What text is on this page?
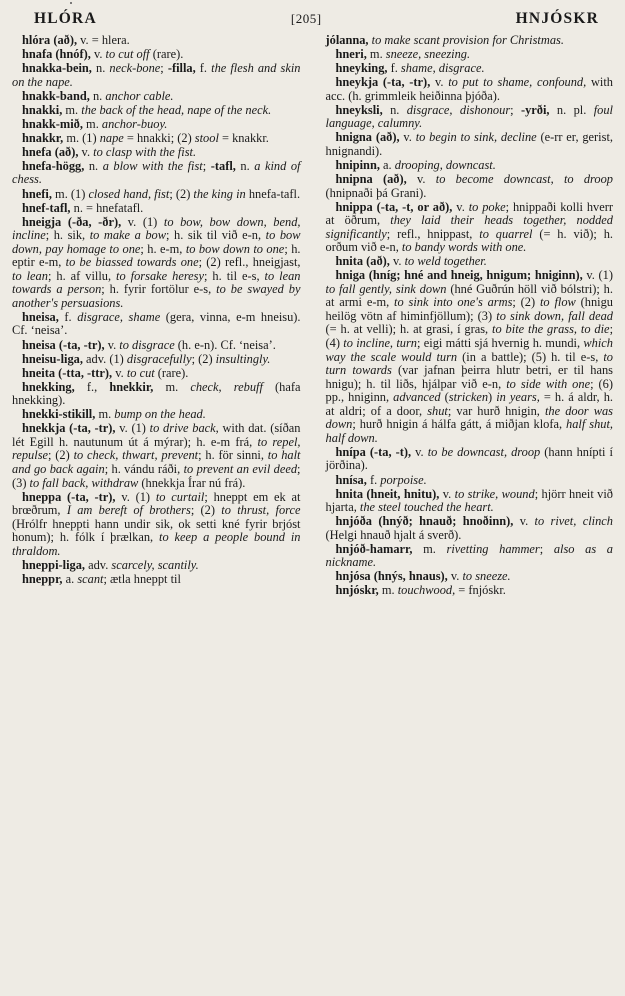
HLÓRA	[205]	HNJÓSKR

hlóra (að), v. = hlera.

hnafa (hnóf), v. to cut off (rare).

hnakka-bein, n. neck-bone; -filla, f. the flesh and skin on the nape.

hnakk-band, n. anchor cable.

hnakki, m. the back of the head, nape of the neck.

hnakk-mið, m. anchor-buoy.

hnakkr, m. (1) nape = hnakki; (2) stool = knakkr.

hnefa (að), v. to clasp with the fist.

hnefa-högg, n. a blow with the fist; -tafl, n. a kind of chess.

hnefi, m. (1) closed hand, fist; (2) the king in hnefa-tafl.

hnef-tafl, n. = hnefatafl.

hneigja (-ða, -ðr), v. (1) to bow, bow down, bend, incline; h. sik, to make a bow; h. sik til við e-n, to bow down, pay homage to one; h. e-m, to bow down to one; h. eptir e-m, to be biassed towards one; (2) refl., hneigjast, to lean; h. af villu, to forsake heresy; h. til e-s, to lean towards a person; h. fyrir fortölur e-s, to be swayed by another's persuasions.

hneisa, f. disgrace, shame (gera, vinna, e-m hneisu). Cf. ‘neisa’.

hneisa (-ta, -tr), v. to disgrace (h. e-n). Cf. ‘neisa’.

hneisu-liga, adv. (1) disgracefully; (2) insultingly.

hneita (-tta, -ttr), v. to cut (rare).

hnekking, f., hnekkir, m. check, rebuff (hafa hnekking).

hnekki-stikill, m. bump on the head.

hnekkja (-ta, -tr), v. (1) to drive back, with dat. (síðan lét Egill h. nautunum út á mýrar); h. e-m frá, to repel, repulse; (2) to check, thwart, prevent; h. för sinni, to halt and go back again; h. vándu ráði, to prevent an evil deed; (3) to fall back, withdraw (hnekkja Írar nú frá).

hneppa (-ta, -tr), v. (1) to curtail; hneppt em ek at brœðrum, I am bereft of brothers; (2) to thrust, force (Hrólfr hneppti hann undir sik, ok setti kné fyrir brjóst honum); h. fólk í þrælkan, to keep a people bound in thraldom.

hneppi-liga, adv. scarcely, scantily.

hneppr, a. scant; ætla hneppt til

jólanna, to make scant provision for Christmas.

hneri, m. sneeze, sneezing.

hneyking, f. shame, disgrace.

hneykja (-ta, -tr), v. to put to shame, confound, with acc. (h. grimmleik heiðinna þjóða).

hneyksli, n. disgrace, dishonour; -yrði, n. pl. foul language, calumny.

hnigna (að), v. to begin to sink, decline (e-rr er, gerist, hnignandi).

hnipinn, a. drooping, downcast.

hnipna (að), v. to become downcast, to droop (hnipnaði þá Grani).

hnippa (-ta, -t, or að), v. to poke; hnippaði kolli hverr at öðrum, they laid their heads together, nodded significantly; refl., hnippast, to quarrel (= h. við); h. orðum við e-n, to bandy words with one.

hnita (að), v. to weld together.

hniga (hníg; hné and hneig, hnigum; hniginn), v. (1) to fall gently, sink down (hné Guðrún höll við bólstri); h. at armi e-m, to sink into one's arms; (2) to flow (hnigu heilög vötn af himinfjöllum); (3) to sink down, fall dead (= h. at velli); h. at grasi, í gras, to bite the grass, to die; (4) to incline, turn; eigi mátti sjá hvernig h. mundi, which way the scale would turn (in a battle); (5) h. til e-s, to turn towards (var jafnan þeirra hlutr betri, er til hans hnigu); h. til liðs, hjálpar við e-n, to side with one; (6) pp., hniginn, advanced (stricken) in years, = h. á aldr, h. at aldri; of a door, shut; var hurð hnigin, the door was down; hurð hnigin á hálfa gátt, á miðjan klofa, half shut, half down.

hnípa (-ta, -t), v. to be downcast, droop (hann hnípti í jörðina).

hnísa, f. porpoise.

hnita (hneit, hnitu), v. to strike, wound; hjörr hneit við hjarta, the steel touched the heart.

hnjóða (hnýð; hnauð; hnoðinn), v. to rivet, clinch (Helgi hnauð hjalt á sverð).

hnjóð-hamarr, m. rivetting hammer; also as a nickname.

hnjósa (hnýs, hnaus), v. to sneeze.

hnjóskr, m. touchwood, = fnjóskr.
